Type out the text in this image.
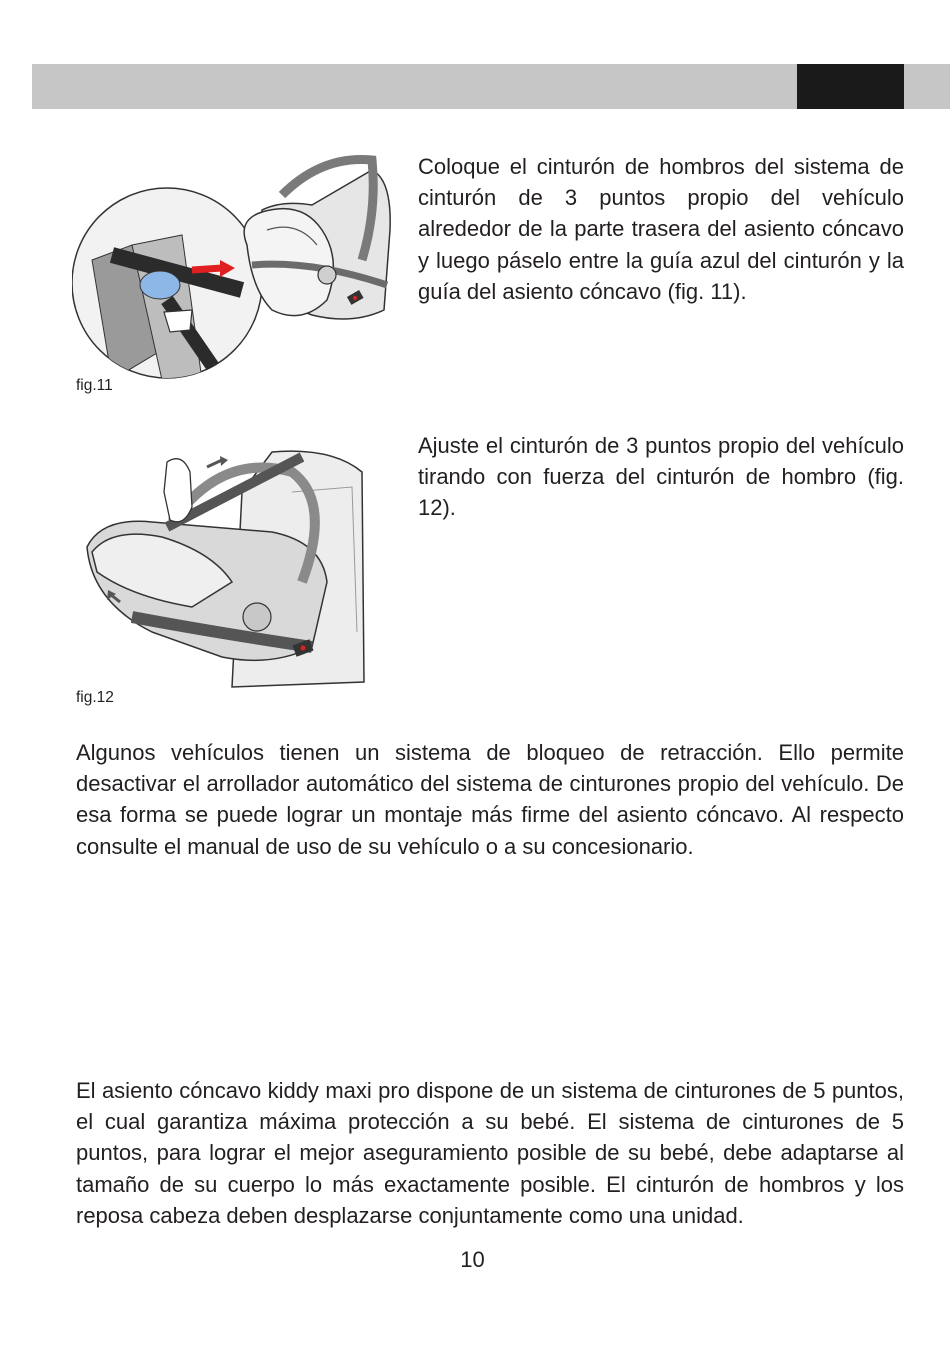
fig.11
fig.12

Coloque el cinturón de hombros del sistema de cinturón de 3 puntos propio del vehículo alrededor de la parte trasera del asiento cóncavo y luego páselo entre la guía azul del cinturón y la guía del asiento cóncavo (fig. 11).

Ajuste el cinturón de 3 puntos propio del vehículo tirando con fuerza del cinturón de hombro (fig. 12).

Algunos vehículos tienen un sistema de bloqueo de retracción. Ello permite desactivar el arrollador automático del sistema de cinturones propio del vehículo. De esa forma se puede lograr un montaje más firme del asiento cóncavo. Al respecto consulte el manual de uso de su vehículo o a su concesionario.

El asiento cóncavo kiddy maxi pro dispone de un sistema de cinturones de 5 puntos, el cual garantiza máxima protección a su bebé. El sistema de cinturones de 5 puntos, para lograr el mejor aseguramiento posible de su bebé, debe adaptarse al tamaño de su cuerpo lo más exactamente posible. El cinturón de hombros y los reposa cabeza deben desplazarse conjuntamente como una unidad.

10
